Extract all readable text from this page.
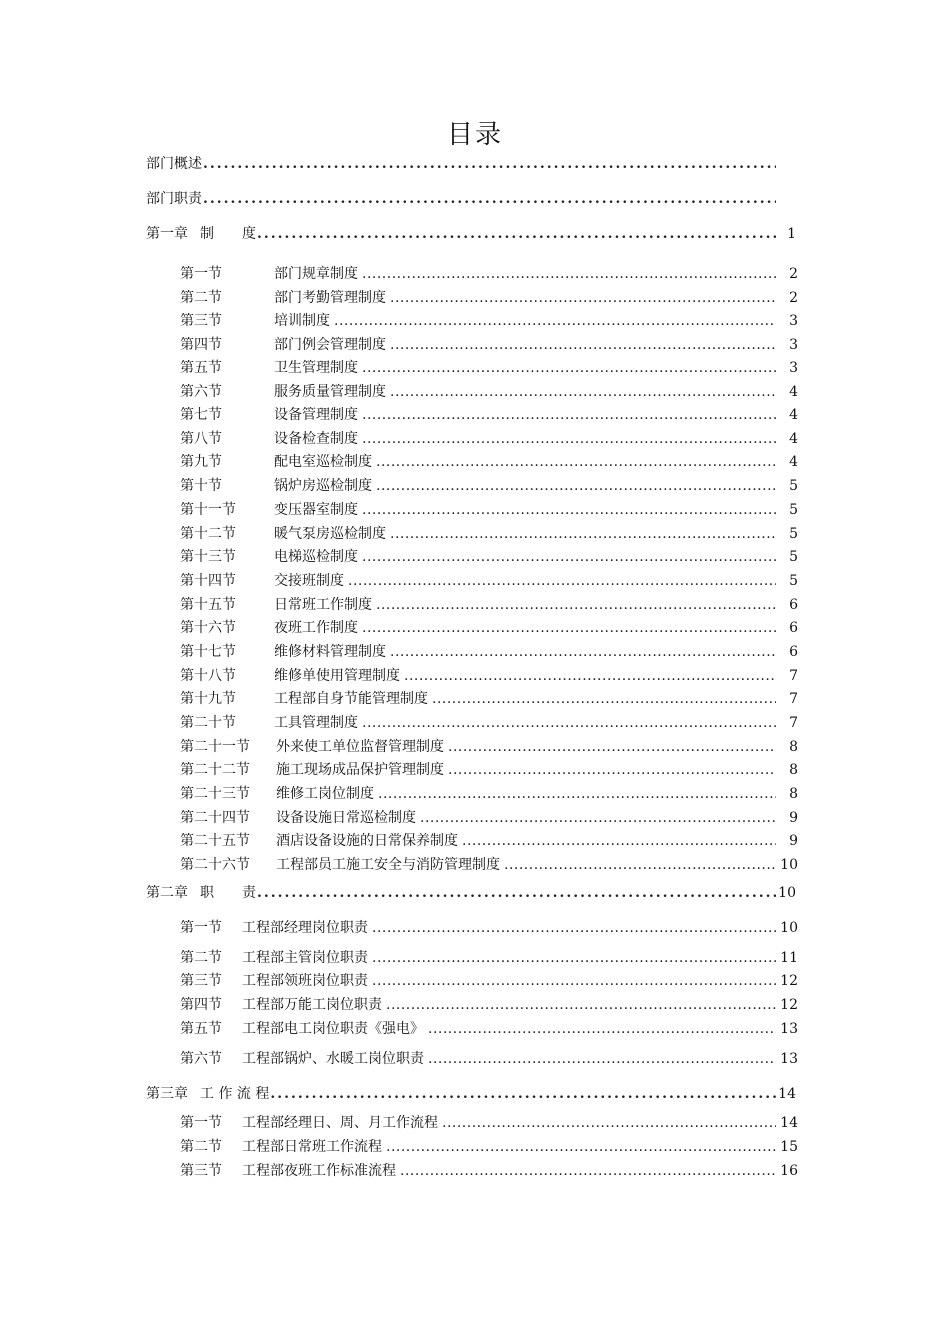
目录
部门概述
.....
部门职责
.....
第一章 制　　度 .....	1
第一节	部门规章制度 .....	2
第二节	部门考勤管理制度 .....	2
第三节	培训制度 .....	3
第四节	部门例会管理制度 .....	3
第五节	卫生管理制度 .....	3
第六节	服务质量管理制度 .....	4
第七节	设备管理制度 .....	4
第八节	设备检查制度 .....	4
第九节	配电室巡检制度 .....	4
第十节	锅炉房巡检制度 .....	5
第十一节	变压器室制度 .....	5
第十二节	暖气泵房巡检制度 .....	5
第十三节	电梯巡检制度 .....	5
第十四节	交接班制度 .....	5
第十五节	日常班工作制度 .....	6
第十六节	夜班工作制度 .....	6
第十七节	维修材料管理制度 .....	6
第十八节	维修单使用管理制度 .....	7
第十九节	工程部自身节能管理制度 .....	7
第二十节	工具管理制度 .....	7
第二十一节 外来使工单位监督管理制度 .....	8
第二十二节 施工现场成品保护管理制度 .....	8
第二十三节 维修工岗位制度 .....	8
第二十四节 设备设施日常巡检制度 .....	9
第二十五节 酒店设备设施的日常保养制度 .....	9
第二十六节 工程部员工施工安全与消防管理制度 .....	10
第二章 职　　责 .....	10
第一节 工程部经理岗位职责 .....	10
第二节 工程部主管岗位职责 .....	11
第三节 工程部领班岗位职责 .....	12
第四节 工程部万能工岗位职责 .....	12
第五节 工程部电工岗位职责《强电》 .....	13
第六节 工程部锅炉、水暖工岗位职责 .....	13
第三章 工 作 流 程 .....	14
第一节 工程部经理日、周、月工作流程 .....	14
第二节 工程部日常班工作流程 .....	15
第三节 工程部夜班工作标准流程 .....	16
